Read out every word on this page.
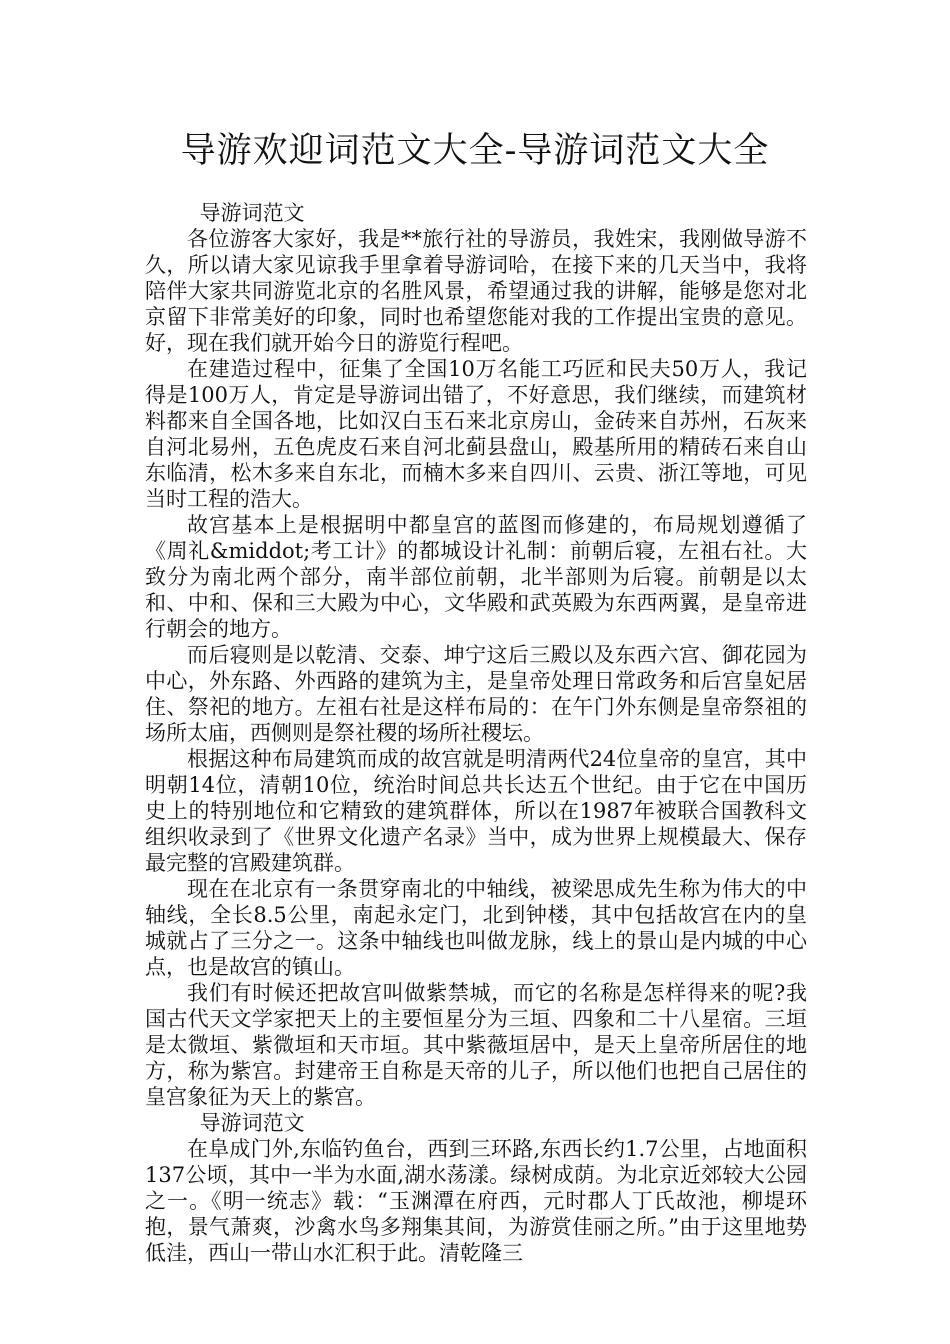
导游欢迎词范文大全-导游词范文大全

导游词范文

各位游客大家好，我是**旅行社的导游员，我姓宋，我刚做导游不久，所以请大家见谅我手里拿着导游词哈，在接下来的几天当中，我将陪伴大家共同游览北京的名胜风景，希望通过我的讲解，能够是您对北京留下非常美好的印象，同时也希望您能对我的工作提出宝贵的意见。好，现在我们就开始今日的游览行程吧。

在建造过程中，征集了全国10万名能工巧匠和民夫50万人，我记得是100万人，肯定是导游词出错了，不好意思，我们继续，而建筑材料都来自全国各地，比如汉白玉石来北京房山，金砖来自苏州，石灰来自河北易州，五色虎皮石来自河北蓟县盘山，殿基所用的精砖石来自山东临清，松木多来自东北，而楠木多来自四川、云贵、浙江等地，可见当时工程的浩大。

故宫基本上是根据明中都皇宫的蓝图而修建的，布局规划遵循了《周礼&middot;考工计》的都城设计礼制：前朝后寝，左祖右社。大致分为南北两个部分，南半部位前朝，北半部则为后寝。前朝是以太和、中和、保和三大殿为中心，文华殿和武英殿为东西两翼，是皇帝进行朝会的地方。

而后寝则是以乾清、交泰、坤宁这后三殿以及东西六宫、御花园为中心，外东路、外西路的建筑为主，是皇帝处理日常政务和后宫皇妃居住、祭祀的地方。左祖右社是这样布局的：在午门外东侧是皇帝祭祖的场所太庙，西侧则是祭社稷的场所社稷坛。

根据这种布局建筑而成的故宫就是明清两代24位皇帝的皇宫，其中明朝14位，清朝10位，统治时间总共长达五个世纪。由于它在中国历史上的特别地位和它精致的建筑群体，所以在1987年被联合国教科文组织收录到了《世界文化遗产名录》当中，成为世界上规模最大、保存最完整的宫殿建筑群。

现在在北京有一条贯穿南北的中轴线，被梁思成先生称为伟大的中轴线，全长8.5公里，南起永定门，北到钟楼，其中包括故宫在内的皇城就占了三分之一。这条中轴线也叫做龙脉，线上的景山是内城的中心点，也是故宫的镇山。

我们有时候还把故宫叫做紫禁城，而它的名称是怎样得来的呢?我国古代天文学家把天上的主要恒星分为三垣、四象和二十八星宿。三垣是太微垣、紫微垣和天市垣。其中紫薇垣居中，是天上皇帝所居住的地方，称为紫宫。封建帝王自称是天帝的儿子，所以他们也把自己居住的皇宫象征为天上的紫宫。

导游词范文

在阜成门外,东临钓鱼台，西到三环路,东西长约1.7公里，占地面积 137公顷，其中一半为水面,湖水荡漾。绿树成荫。为北京近郊较大公园之一。《明一统志》载：“玉渊潭在府西，元时郡人丁氏故池，柳堤环抱，景气萧爽，沙禽水鸟多翔集其间，为游赏佳丽之所。”由于这里地势低洼，西山一带山水汇积于此。清乾隆三
